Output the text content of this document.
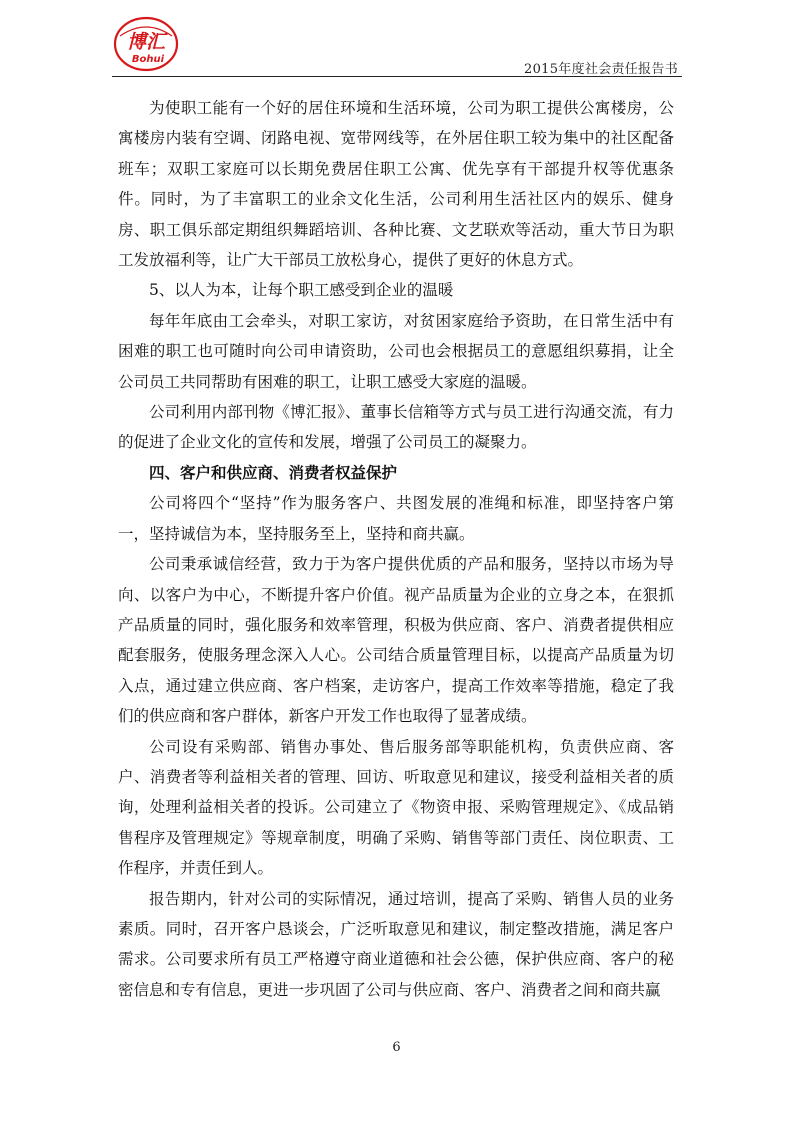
博汇
Bohui
2015年度社会责任报告书

为使职工能有一个好的居住环境和生活环境，公司为职工提供公寓楼房，公寓楼房内装有空调、闭路电视、宽带网线等，在外居住职工较为集中的社区配备班车；双职工家庭可以长期免费居住职工公寓、优先享有干部提升权等优惠条件。同时，为了丰富职工的业余文化生活，公司利用生活社区内的娱乐、健身房、职工俱乐部定期组织舞蹈培训、各种比赛、文艺联欢等活动，重大节日为职工发放福利等，让广大干部员工放松身心，提供了更好的休息方式。

5、以人为本，让每个职工感受到企业的温暖

每年年底由工会牵头，对职工家访，对贫困家庭给予资助，在日常生活中有困难的职工也可随时向公司申请资助，公司也会根据员工的意愿组织募捐，让全公司员工共同帮助有困难的职工，让职工感受大家庭的温暖。

公司利用内部刊物《博汇报》、董事长信箱等方式与员工进行沟通交流，有力的促进了企业文化的宣传和发展，增强了公司员工的凝聚力。

四、客户和供应商、消费者权益保护

公司将四个“坚持”作为服务客户、共图发展的准绳和标准，即坚持客户第一，坚持诚信为本，坚持服务至上，坚持和商共赢。

公司秉承诚信经营，致力于为客户提供优质的产品和服务，坚持以市场为导向、以客户为中心，不断提升客户价值。视产品质量为企业的立身之本，在狠抓产品质量的同时，强化服务和效率管理，积极为供应商、客户、消费者提供相应配套服务，使服务理念深入人心。公司结合质量管理目标，以提高产品质量为切入点，通过建立供应商、客户档案，走访客户，提高工作效率等措施，稳定了我们的供应商和客户群体，新客户开发工作也取得了显著成绩。

公司设有采购部、销售办事处、售后服务部等职能机构，负责供应商、客户、消费者等利益相关者的管理、回访、听取意见和建议，接受利益相关者的质询，处理利益相关者的投诉。公司建立了《物资申报、采购管理规定》、《成品销售程序及管理规定》等规章制度，明确了采购、销售等部门责任、岗位职责、工作程序，并责任到人。

报告期内，针对公司的实际情况，通过培训，提高了采购、销售人员的业务素质。同时，召开客户恳谈会，广泛听取意见和建议，制定整改措施，满足客户需求。公司要求所有员工严格遵守商业道德和社会公德，保护供应商、客户的秘密信息和专有信息，更进一步巩固了公司与供应商、客户、消费者之间和商共赢

6
